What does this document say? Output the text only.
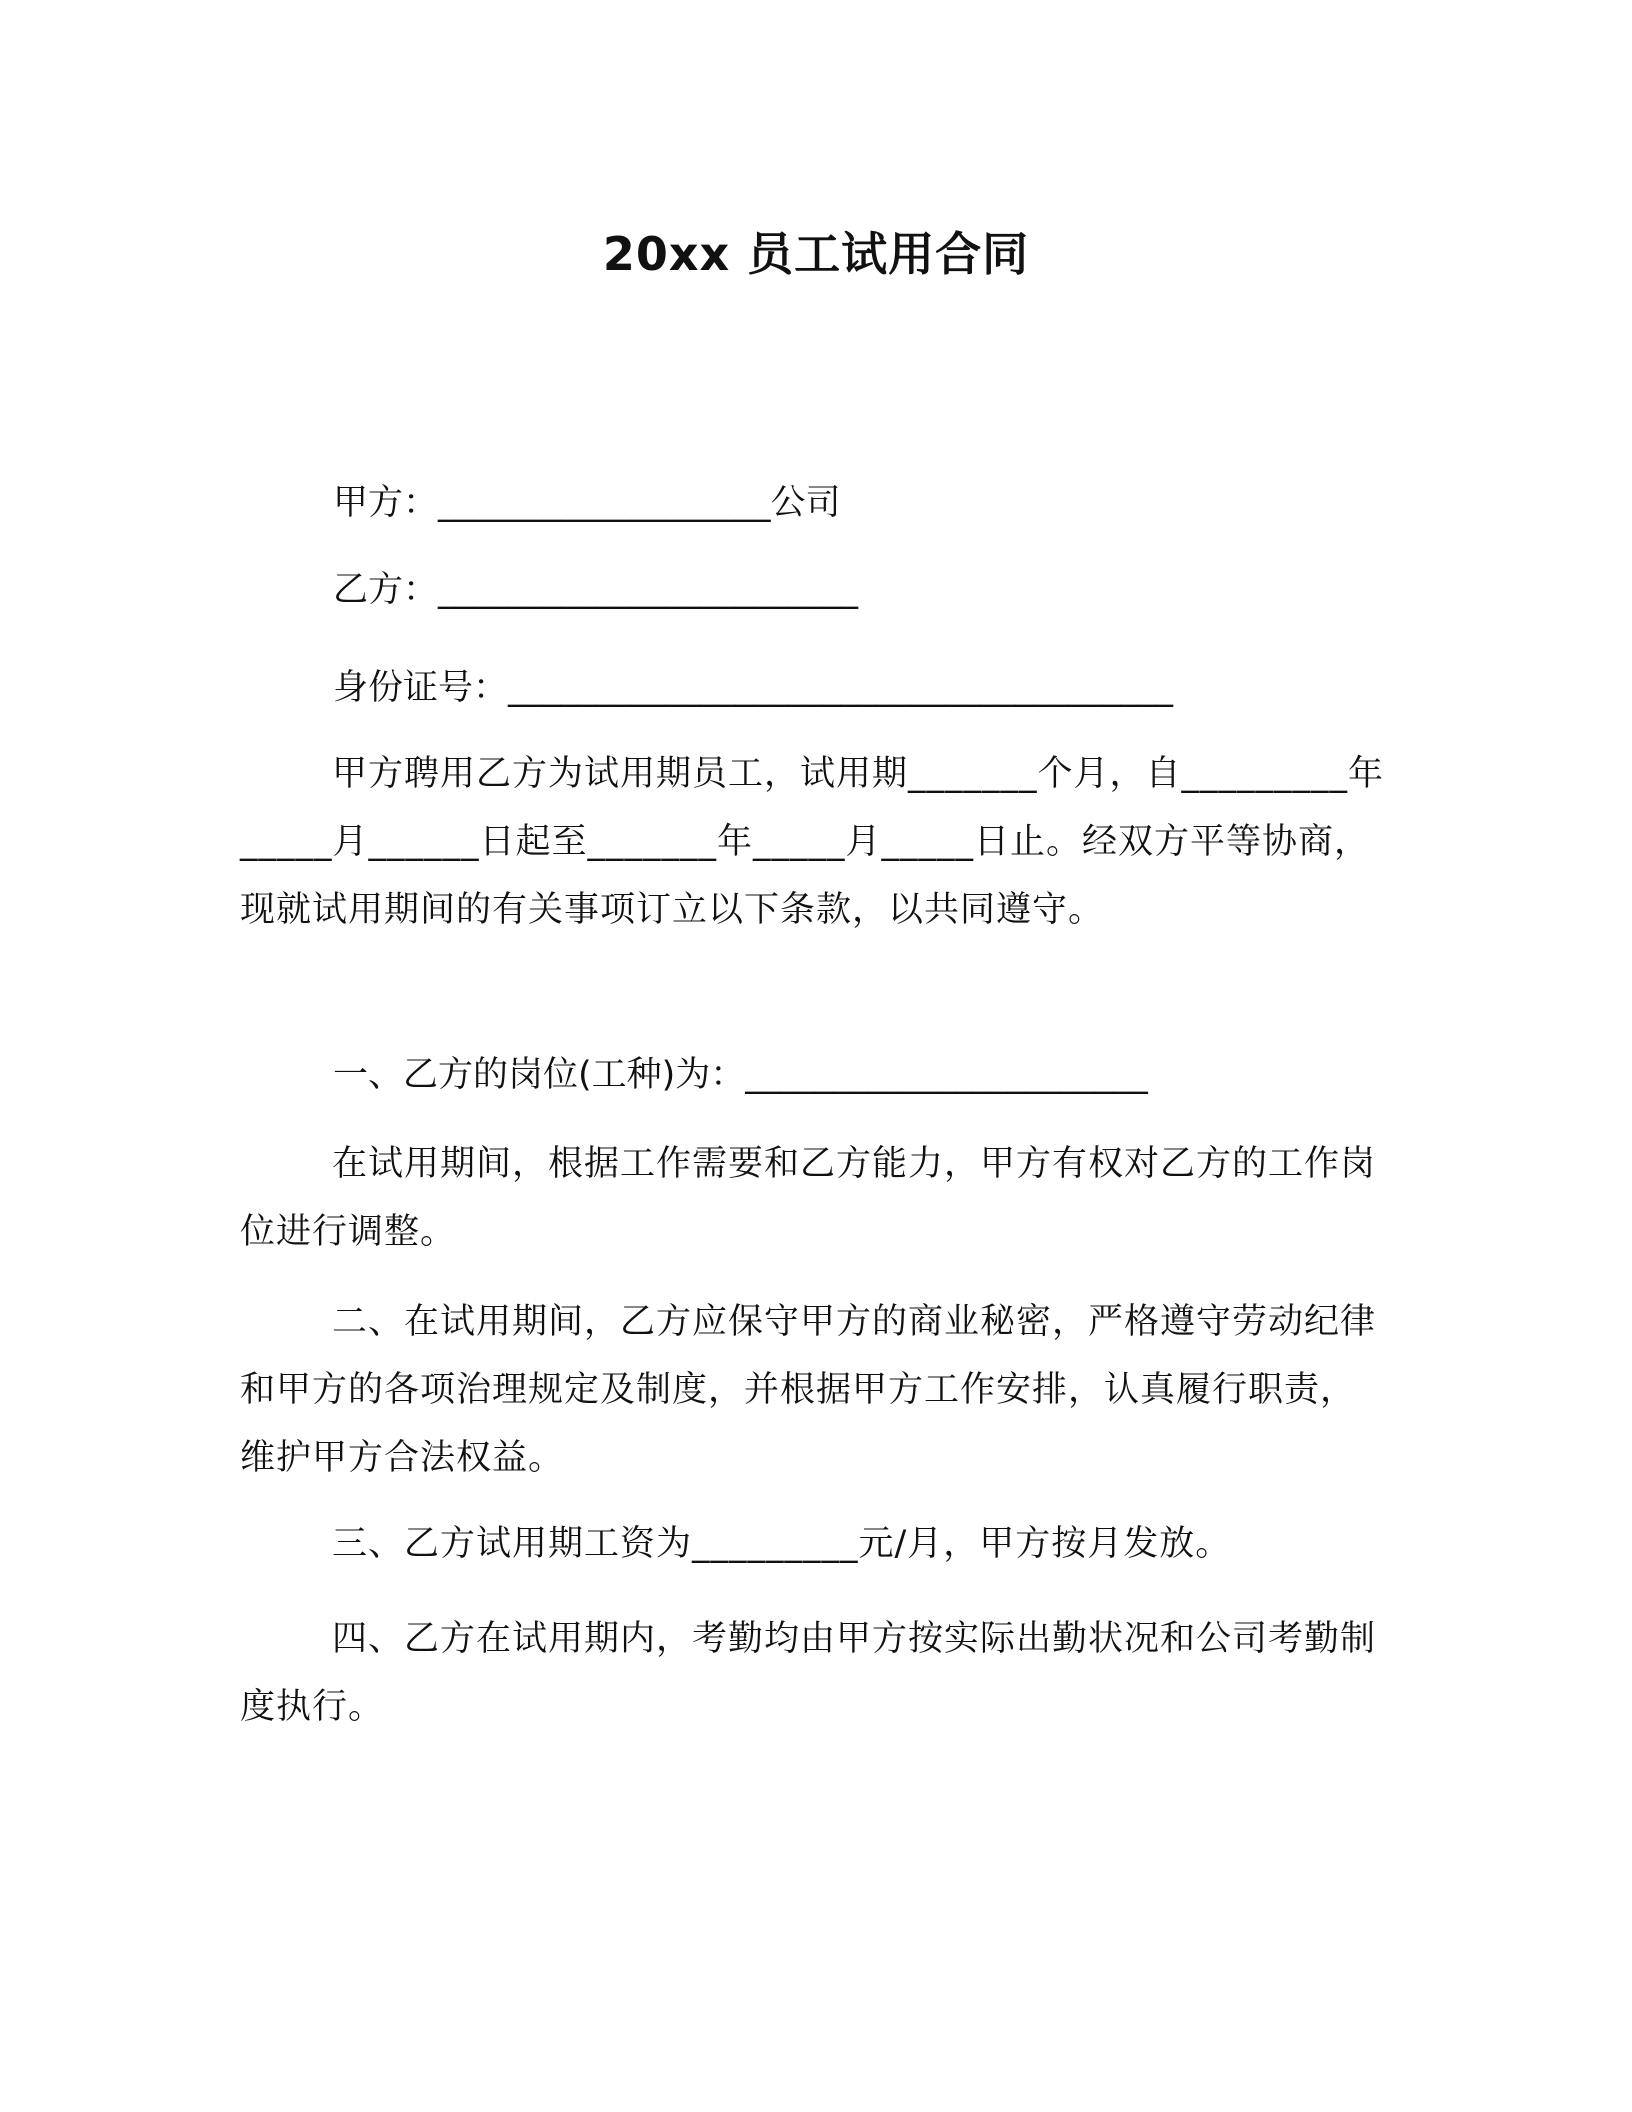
20xx 员工试用合同
甲方：___________________公司
乙方：________________________
身份证号：______________________________________
甲方聘用乙方为试用期员工，试用期_______个月，自_________年_____月______日起至_______年_____月_____日止。经双方平等协商，现就试用期间的有关事项订立以下条款，以共同遵守。
一、乙方的岗位(工种)为：_______________________
在试用期间，根据工作需要和乙方能力，甲方有权对乙方的工作岗位进行调整。
二、在试用期间，乙方应保守甲方的商业秘密，严格遵守劳动纪律和甲方的各项治理规定及制度，并根据甲方工作安排，认真履行职责，维护甲方合法权益。
三、乙方试用期工资为_________元/月，甲方按月发放。
四、乙方在试用期内，考勤均由甲方按实际出勤状况和公司考勤制度执行。
